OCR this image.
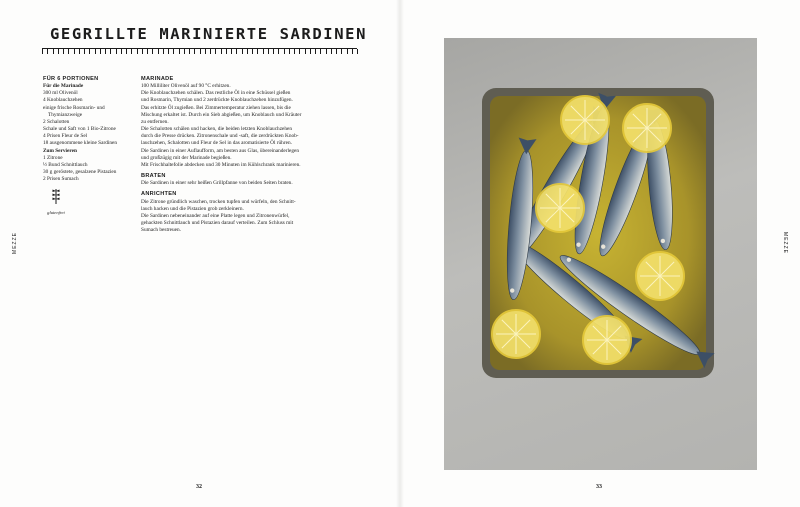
GEGRILLTE MARINIERTE SARDINEN
FÜR 6 PORTIONEN
Für die Marinade
300 ml Olivenöl
4 Knoblauchzehen
einige frische Rosmarin- und
Thymianzweige
2 Schalotten
Schale und Saft von 1 Bio-Zitrone
4 Prisen Fleur de Sel
18 ausgenommene kleine Sardinen
Zum Servieren
1 Zitrone
½ Bund Schnittlauch
30 g geröstete, gesalzene Pistazien
2 Prisen Sumach
glutenfrei
MARINADE
100 Milliliter Olivenöl auf 90 °C erhitzen.
Die Knoblauchzehen schälen. Das restliche Öl in eine Schüssel gießen
und Rosmarin, Thymian und 2 zerdrückte Knoblauchzehen hinzufügen.
Das erhitzte Öl zugießen. Bei Zimmertemperatur ziehen lassen, bis die
Mischung erkaltet ist. Durch ein Sieb abgießen, um Knoblauch und Kräuter
zu entfernen.
Die Schalotten schälen und hacken, die beiden letzten Knoblauchzehen
durch die Presse drücken. Zitronenschale und -saft, die zerdrückten Knob-
lauchzehen, Schalotten und Fleur de Sel in das aromatisierte Öl rühren.
Die Sardinen in einer Auflaufform, am besten aus Glas, übereinanderlegen
und großzügig mit der Marinade begießen.
Mit Frischhaltefolie abdecken und 30 Minuten im Kühlschrank marinieren.
BRATEN
Die Sardinen in einer sehr heißen Grillpfanne von beiden Seiten braten.
ANRICHTEN
Die Zitrone gründlich waschen, trocken tupfen und würfeln, den Schnitt-
lauch hacken und die Pistazien grob zerkleinern.
Die Sardinen nebeneinander auf eine Platte legen und Zitronenwürfel,
gehackten Schnittlauch und Pistazien darauf verteilen. Zum Schluss mit
Sumach bestreuen.
MEZZE	MEZZE
32	33
